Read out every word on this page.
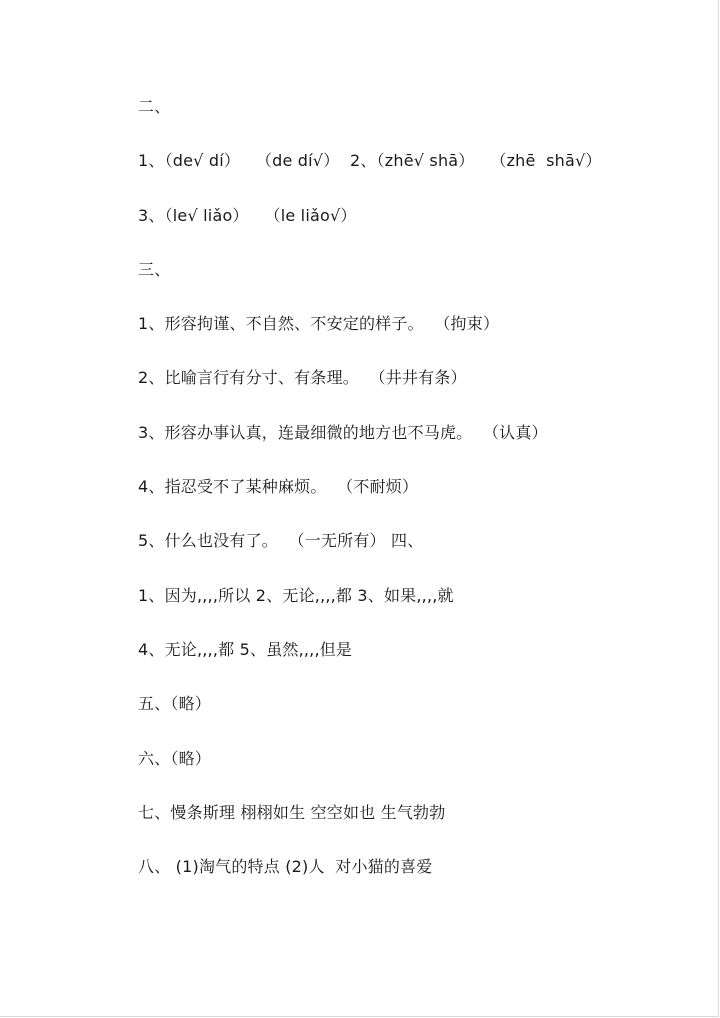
二、
1、（de√ dí）   （de dí√）  2、（zhē√ shā）   （zhē  shā√）
3、（le√ liǎo）   （le liǎo√）
三、
1、形容拘谨、不自然、不安定的样子。  （拘束）
2、比喻言行有分寸、有条理。  （井井有条）
3、形容办事认真，连最细微的地方也不马虎。  （认真）
4、指忍受不了某种麻烦。  （不耐烦）
5、什么也没有了。  （一无所有） 四、
1、因为,,,,所以 2、无论,,,,都 3、如果,,,,就
4、无论,,,,都 5、虽然,,,,但是
五、（略）
六、（略）
七、慢条斯理 栩栩如生 空空如也 生气勃勃
八、 (1)淘气的特点 (2)人  对小猫的喜爱
